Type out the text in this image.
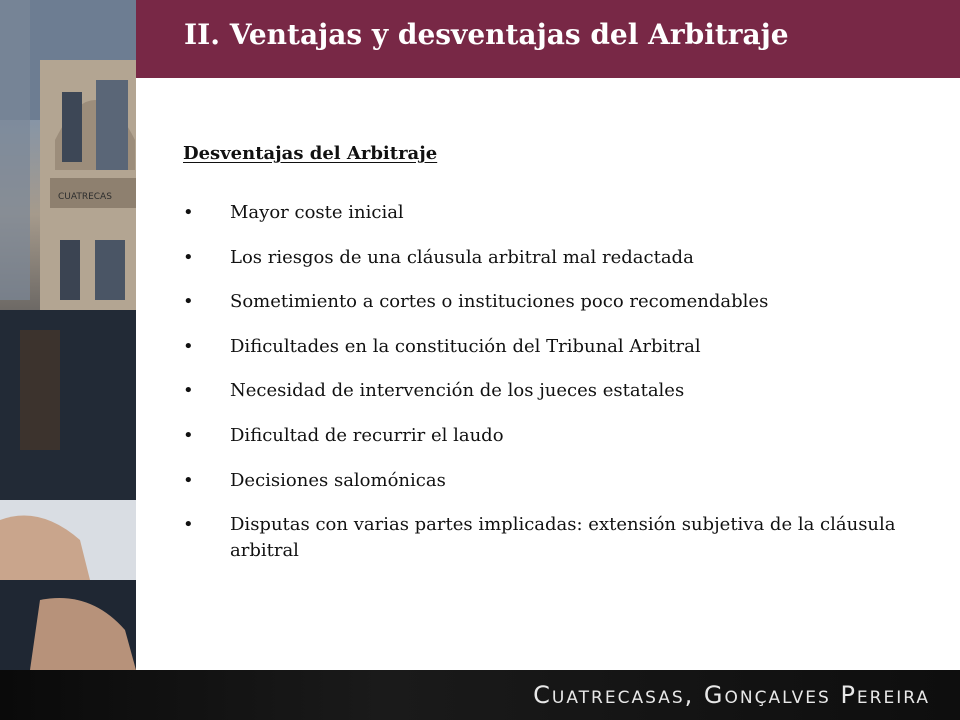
CUATRECAS
II. Ventajas y desventajas del Arbitraje
Desventajas del Arbitraje
• Mayor coste inicial
• Los riesgos de una cláusula arbitral mal redactada
• Sometimiento a cortes o instituciones poco recomendables
• Dificultades en la constitución del Tribunal Arbitral
• Necesidad de intervención de los jueces estatales
• Dificultad de recurrir el laudo
• Decisiones salomónicas
• Disputas con varias partes implicadas: extensión subjetiva de la cláusula arbitral
Cuatrecasas, Gonçalves Pereira
